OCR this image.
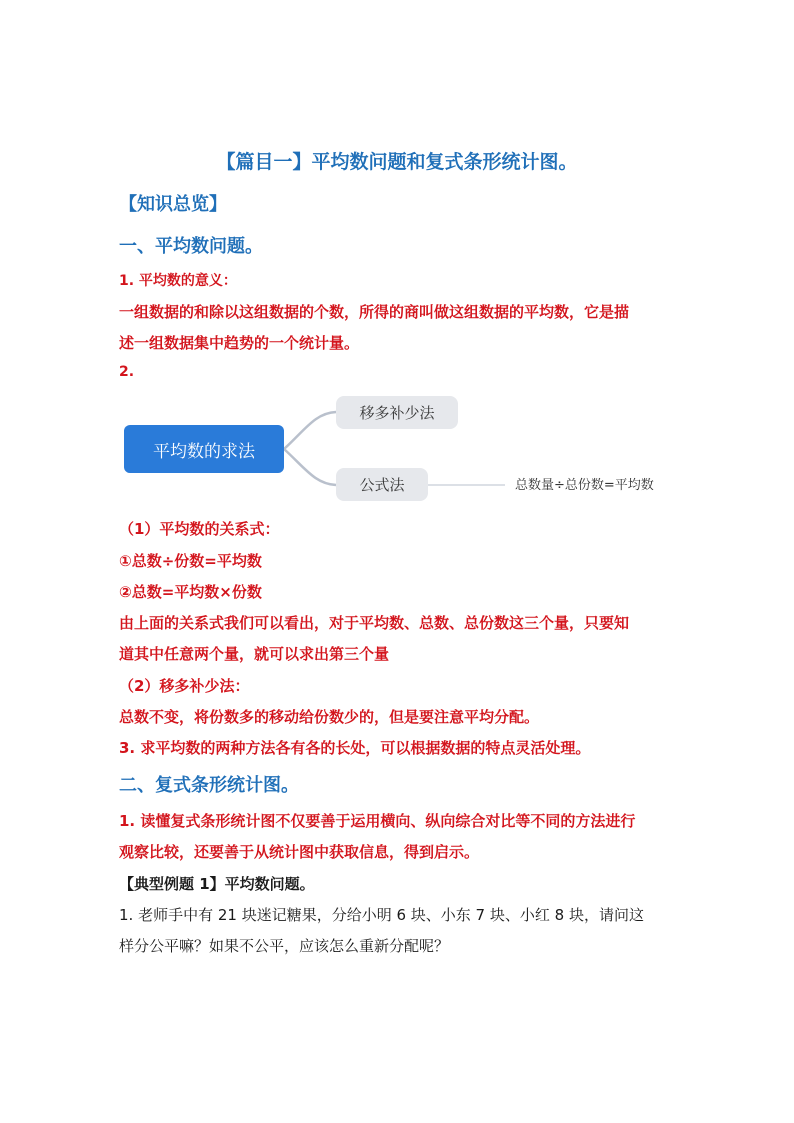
【篇目一】平均数问题和复式条形统计图。
【知识总览】
一、平均数问题。
1. 平均数的意义：
一组数据的和除以这组数据的个数，所得的商叫做这组数据的平均数，它是描
述一组数据集中趋势的一个统计量。
2.
平均数的求法
移多补少法
公式法	总数量÷总份数=平均数
（1）平均数的关系式：
①总数÷份数=平均数
②总数=平均数×份数
由上面的关系式我们可以看出，对于平均数、总数、总份数这三个量，只要知
道其中任意两个量，就可以求出第三个量
（2）移多补少法：
总数不变，将份数多的移动给份数少的，但是要注意平均分配。
3. 求平均数的两种方法各有各的长处，可以根据数据的特点灵活处理。
二、复式条形统计图。
1. 读懂复式条形统计图不仅要善于运用横向、纵向综合对比等不同的方法进行
观察比较，还要善于从统计图中获取信息，得到启示。
【典型例题 1】平均数问题。
1. 老师手中有 21 块迷记糖果，分给小明 6 块、小东 7 块、小红 8 块，请问这
样分公平嘛？如果不公平，应该怎么重新分配呢？
